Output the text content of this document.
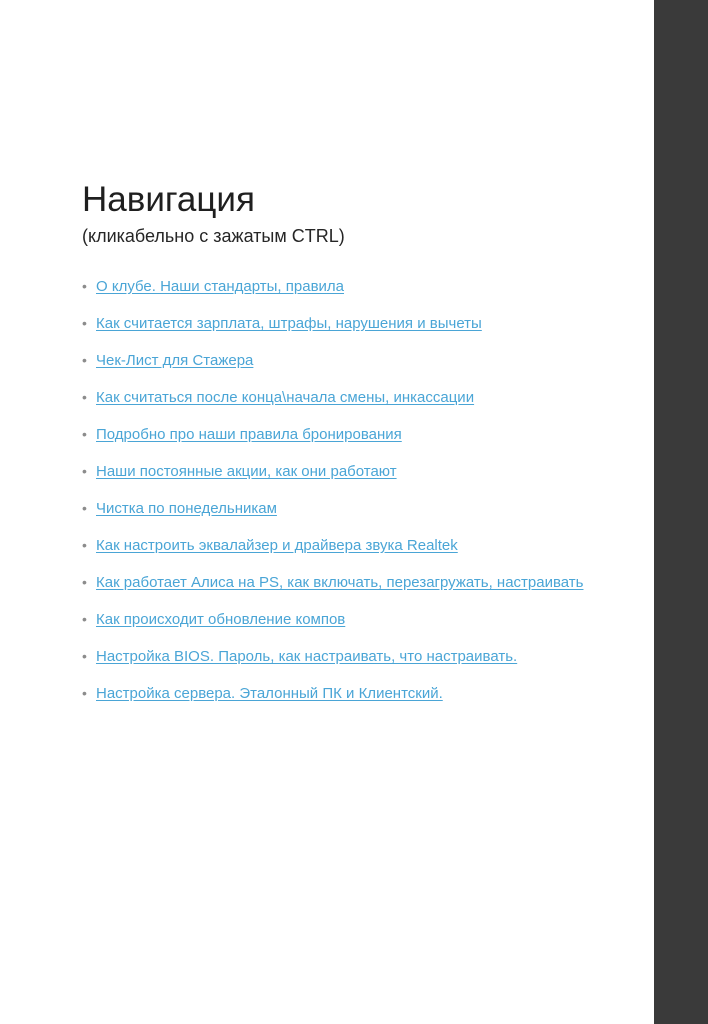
Навигация

(кликабельно с зажатым CTRL)

• О клубе. Наши стандарты, правила
• Как считается зарплата, штрафы, нарушения и вычеты
• Чек-Лист для Стажера
• Как считаться после конца\начала смены, инкассации
• Подробно про наши правила бронирования
• Наши постоянные акции, как они работают
• Чистка по понедельникам
• Как настроить эквалайзер и драйвера звука Realtek
• Как работает Алиса на PS, как включать, перезагружать, настраивать
• Как происходит обновление компов
• Настройка BIOS. Пароль, как настраивать, что настраивать.
• Настройка сервера. Эталонный ПК и Клиентский.
